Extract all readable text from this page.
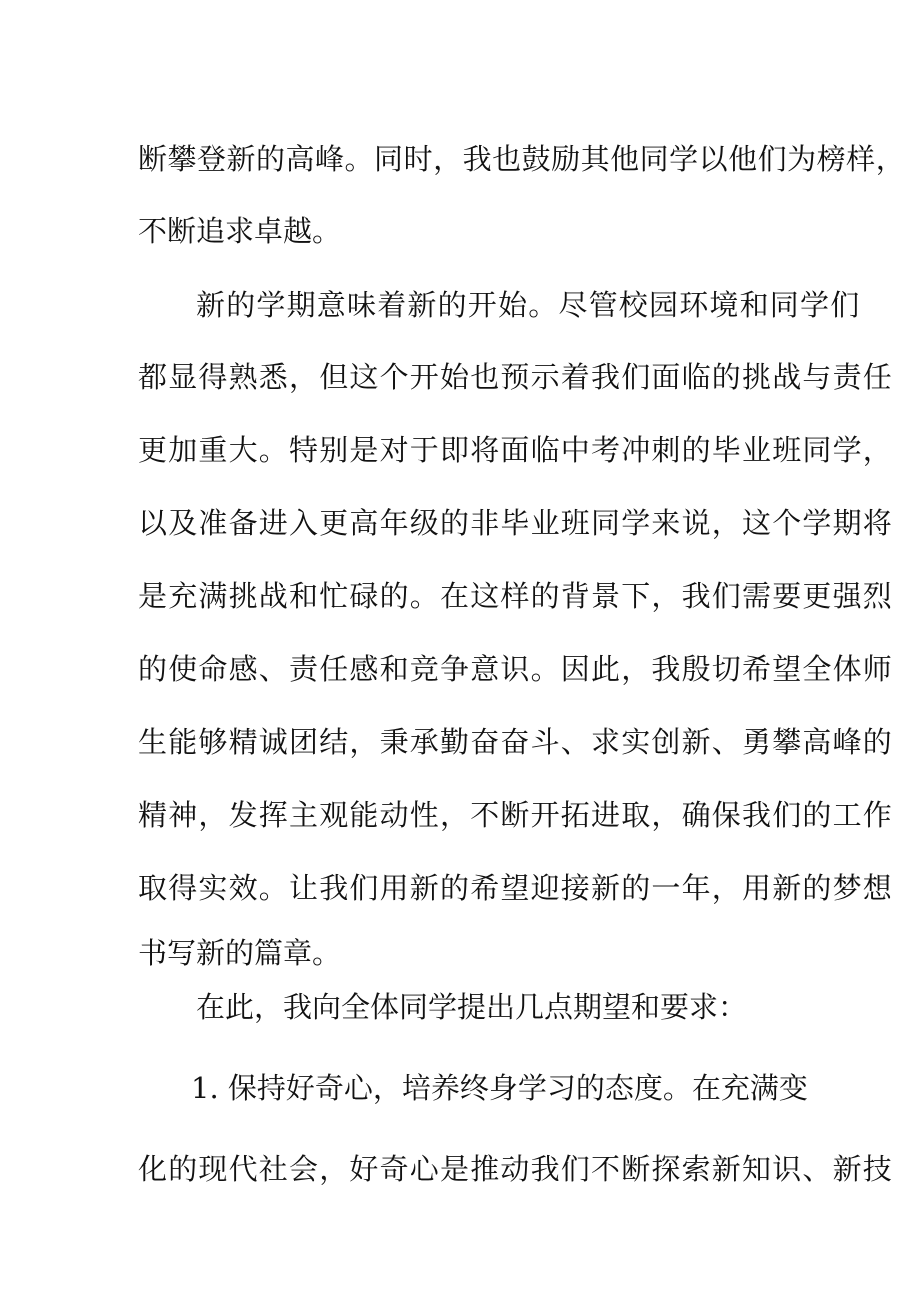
断攀登新的高峰。同时，我也鼓励其他同学以他们为榜样，
不断追求卓越。
新的学期意味着新的开始。尽管校园环境和同学们
都显得熟悉，但这个开始也预示着我们面临的挑战与责任
更加重大。特别是对于即将面临中考冲刺的毕业班同学，
以及准备进入更高年级的非毕业班同学来说，这个学期将
是充满挑战和忙碌的。在这样的背景下，我们需要更强烈
的使命感、责任感和竞争意识。因此，我殷切希望全体师
生能够精诚团结，秉承勤奋奋斗、求实创新、勇攀高峰的
精神，发挥主观能动性，不断开拓进取，确保我们的工作
取得实效。让我们用新的希望迎接新的一年，用新的梦想
书写新的篇章。
在此，我向全体同学提出几点期望和要求：
1. 保持好奇心，培养终身学习的态度。在充满变
化的现代社会，好奇心是推动我们不断探索新知识、新技
